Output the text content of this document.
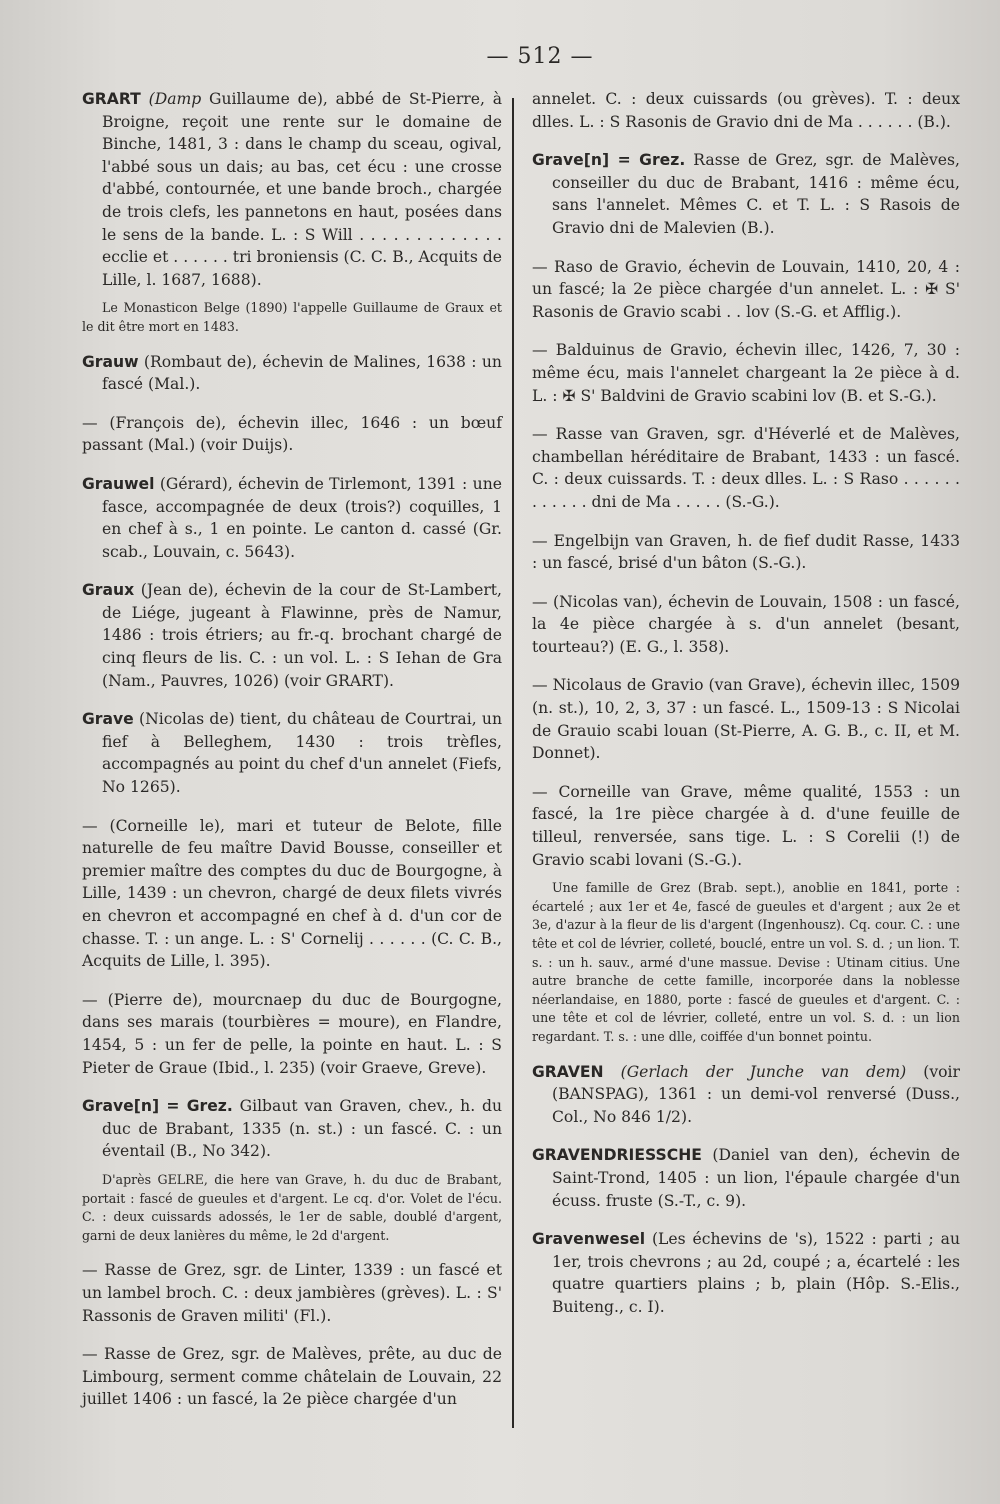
— 512 —

GRART (Damp Guillaume de), abbé de St-Pierre, à Broigne, reçoit une rente sur le domaine de Binche, 1481, 3 : dans le champ du sceau, ogival, l'abbé sous un dais; au bas, cet écu : une crosse d'abbé, contournée, et une bande broch., chargée de trois clefs, les pannetons en haut, posées dans le sens de la bande. L. : S Will . . . . . . . . . . . . . ecclie et . . . . . . tri broniensis (C. C. B., Acquits de Lille, l. 1687, 1688).

Le Monasticon Belge (1890) l'appelle Guillaume de Graux et le dit être mort en 1483.

Grauw (Rombaut de), échevin de Malines, 1638 : un fascé (Mal.).

— (François de), échevin illec, 1646 : un bœuf passant (Mal.) (voir Duijs).

Grauwel (Gérard), échevin de Tirlemont, 1391 : une fasce, accompagnée de deux (trois?) coquilles, 1 en chef à s., 1 en pointe. Le canton d. cassé (Gr. scab., Louvain, c. 5643).

Graux (Jean de), échevin de la cour de St-Lambert, de Liége, jugeant à Flawinne, près de Namur, 1486 : trois étriers; au fr.-q. brochant chargé de cinq fleurs de lis. C. : un vol. L. : S Iehan de Gra (Nam., Pauvres, 1026) (voir GRART).

Grave (Nicolas de) tient, du château de Courtrai, un fief à Belleghem, 1430 : trois trèfles, accompagnés au point du chef d'un annelet (Fiefs, No 1265).

— (Corneille le), mari et tuteur de Belote, fille naturelle de feu maître David Bousse, conseiller et premier maître des comptes du duc de Bourgogne, à Lille, 1439 : un chevron, chargé de deux filets vivrés en chevron et accompagné en chef à d. d'un cor de chasse. T. : un ange. L. : S' Cornelij . . . . . . (C. C. B., Acquits de Lille, l. 395).

— (Pierre de), mourcnaep du duc de Bourgogne, dans ses marais (tourbières = moure), en Flandre, 1454, 5 : un fer de pelle, la pointe en haut. L. : S Pieter de Graue (Ibid., l. 235) (voir Graeve, Greve).

Grave[n] = Grez. Gilbaut van Graven, chev., h. du duc de Brabant, 1335 (n. st.) : un fascé. C. : un éventail (B., No 342).

D'après GELRE, die here van Grave, h. du duc de Brabant, portait : fascé de gueules et d'argent. Le cq. d'or. Volet de l'écu. C. : deux cuissards adossés, le 1er de sable, doublé d'argent, garni de deux lanières du même, le 2d d'argent.

— Rasse de Grez, sgr. de Linter, 1339 : un fascé et un lambel broch. C. : deux jambières (grèves). L. : S' Rassonis de Graven militi' (Fl.).

— Rasse de Grez, sgr. de Malèves, prête, au duc de Limbourg, serment comme châtelain de Louvain, 22 juillet 1406 : un fascé, la 2e pièce chargée d'un

annelet. C. : deux cuissards (ou grèves). T. : deux dlles. L. : S Rasonis de Gravio dni de Ma . . . . . . (B.).

Grave[n] = Grez. Rasse de Grez, sgr. de Malèves, conseiller du duc de Brabant, 1416 : même écu, sans l'annelet. Mêmes C. et T. L. : S Rasois de Gravio dni de Malevien (B.).

— Raso de Gravio, échevin de Louvain, 1410, 20, 4 : un fascé; la 2e pièce chargée d'un annelet. L. : ✠ S' Rasonis de Gravio scabi . . lov (S.-G. et Afflig.).

— Balduinus de Gravio, échevin illec, 1426, 7, 30 : même écu, mais l'annelet chargeant la 2e pièce à d. L. : ✠ S' Baldvini de Gravio scabini lov (B. et S.-G.).

— Rasse van Graven, sgr. d'Héverlé et de Malèves, chambellan héréditaire de Brabant, 1433 : un fascé. C. : deux cuissards. T. : deux dlles. L. : S Raso . . . . . . . . . . . . dni de Ma . . . . . (S.-G.).

— Engelbijn van Graven, h. de fief dudit Rasse, 1433 : un fascé, brisé d'un bâton (S.-G.).

— (Nicolas van), échevin de Louvain, 1508 : un fascé, la 4e pièce chargée à s. d'un annelet (besant, tourteau?) (E. G., l. 358).

— Nicolaus de Gravio (van Grave), échevin illec, 1509 (n. st.), 10, 2, 3, 37 : un fascé. L., 1509-13 : S Nicolai de Grauio scabi louan (St-Pierre, A. G. B., c. II, et M. Donnet).

— Corneille van Grave, même qualité, 1553 : un fascé, la 1re pièce chargée à d. d'une feuille de tilleul, renversée, sans tige. L. : S Corelii (!) de Gravio scabi lovani (S.-G.).

Une famille de Grez (Brab. sept.), anoblie en 1841, porte : écartelé ; aux 1er et 4e, fascé de gueules et d'argent ; aux 2e et 3e, d'azur à la fleur de lis d'argent (Ingenhousz). Cq. cour. C. : une tête et col de lévrier, colleté, bouclé, entre un vol. S. d. ; un lion. T. s. : un h. sauv., armé d'une massue. Devise : Utinam citius. Une autre branche de cette famille, incorporée dans la noblesse néerlandaise, en 1880, porte : fascé de gueules et d'argent. C. : une tête et col de lévrier, colleté, entre un vol. S. d. : un lion regardant. T. s. : une dlle, coiffée d'un bonnet pointu.

GRAVEN (Gerlach der Junche van dem) (voir (BANSPAG), 1361 : un demi-vol renversé (Duss., Col., No 846 1/2).

GRAVENDRIESSCHE (Daniel van den), échevin de Saint-Trond, 1405 : un lion, l'épaule chargée d'un écuss. fruste (S.-T., c. 9).

Gravenwesel (Les échevins de 's), 1522 : parti ; au 1er, trois chevrons ; au 2d, coupé ; a, écartelé : les quatre quartiers plains ; b, plain (Hôp. S.-Elis., Buiteng., c. I).
